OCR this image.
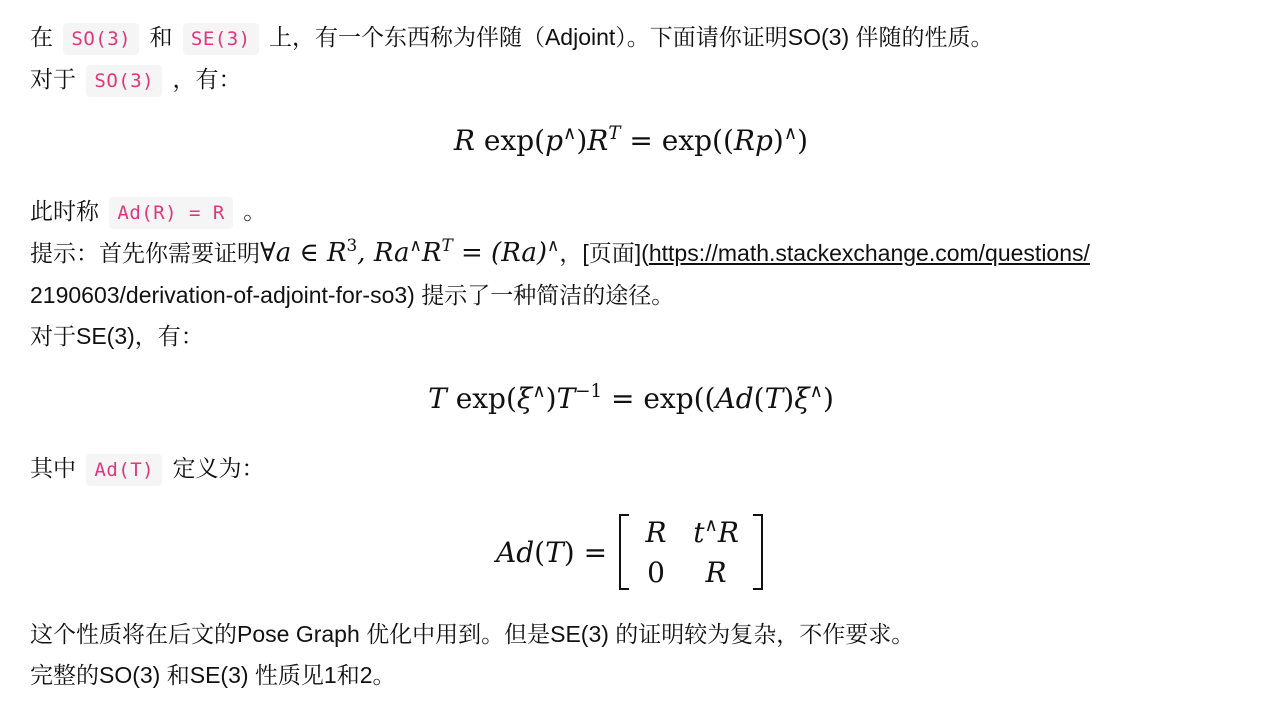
在 SO(3) 和 SE(3) 上，有一个东西称为伴随（Adjoint）。下面请你证明SO(3) 伴随的性质。
对于 SO(3) ，有：
R $\exp(p^\wedge)R^T = \exp((Rp)^\wedge)$
此时称 Ad(R) = R 。
提示：首先你需要证明∀a ∈ $R^3$, $Ra^\wedge R^T = (Ra)^\wedge$，[页面](https://math.stackexchange.com/questions/
2190603/derivation-of-adjoint-for-so3) 提示了一种简洁的途径。
对于SE(3)，有：
T $\exp(\xi^\wedge)T^{-1} = \exp((Ad(T)\xi^\wedge)$
其中 Ad(T) 定义为：
Ad ( T ) =
R t∧R
0 R
这个性质将在后文的Pose Graph 优化中用到。但是SE(3) 的证明较为复杂，不作要求。
完整的SO(3) 和SE(3) 性质见1和2。
